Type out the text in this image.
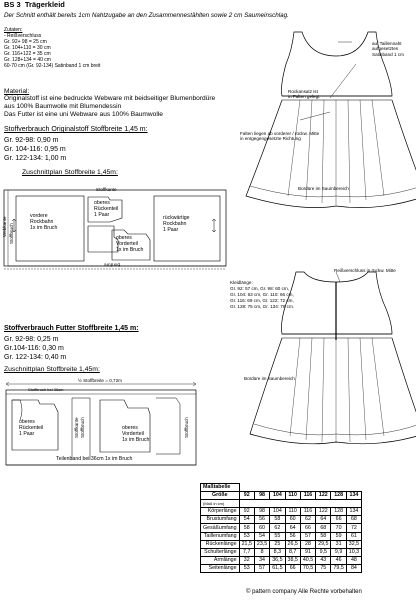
BS 3 Trägerkleid
Der Schnitt enthält bereits 1cm Nahtzugabe an den Zusammennestählten sowie 2 cm Saumeinschlag.
Zutaten:
- Reißverschluss
Gr. 92+ 98 = 25 cm
Gr. 104+110 = 30 cm
Gr. 116+122 = 35 cm
Gr. 128+134 = 40 cm
60-70 cm (Gr. 92-134) Satinband 1 cm breit
Material:
Originalstoff ist eine bedruckte Webware mit beidseitiger Blumenbordüre
aus 100% Baumwolle mit Blumendessin
Das Futter ist eine uni Webware aus 100% Baumwolle
Stoffverbrauch Originalstoff Stoffbreite 1,45 m:
Gr. 92-98: 0,90 m
Gr. 104-116: 0,95 m
Gr. 122-134: 1,00 m
Zuschnittplan Stoffbreite 1,45m:
Stoffkante
Webkante Stoffbruch
vordere
Rockbahn
1x im Bruch
oberes
Rückenteil
1 Paar
oberes
Vorderteil
1x im Bruch
rückwärtige
Rockbahn
1 Paar
Bordüre
Stoffverbrauch Futter Stoffbreite 1,45 m:
Gr. 92-98: 0,25 m
Gr.104-116: 0,30 m
Gr. 122-134: 0,40 m
Zuschnittplan Stoffbreite 1,45m:
½ Stoffbreite = 0,72m
Stoffbruch bei 36cm
oberes
Rückenteil
1 Paar	Stoffkante Stoffbruch	oberes
Vorderteil
1x im Bruch
Stoffbruch
Teilenband bei 36cm 1x im Bruch
auf Taillennaht
aufgesetztes
Satinband 1 cm
Rockansatz ist
in Falten gelegt
Falten liegen ab vorderer / rückw. Mitte
in entgegengesetzte Richtung
Bordüre im Saumbereich
Reißverschluss in rückw. Mitte
Kleidlänge:
Gr. 92: 57 cm, Gr. 98: 60 cm,
Gr. 104: 63 cm, Gr. 110: 66 cm,
Gr. 116: 69 cm, Gr. 122: 72 cm,
Gr. 128: 75 cm, Gr. 134: 78 cm.
Bordüre im Saumbereich
Maßtabelle								
Größe	92	98	104	110	116	122	128	134
(Maß in cm)								
Körperlänge	92	98	104	110	116	122	128	134
Brustumfang	54	56	58	60	62	64	66	68
Gesäßumfang	58	60	62	64	66	68	70	72
Taillenumfang	53	54	55	56	57	58	59	61
Rückenlänge	21,5	23,5	25	26,5	28	29,5	31	32,5
Schulterlänge	7,7	8	8,3	8,7	91	9,5	9,9	10,3
Armlänge	32	34	36,5	38,5	40,5	43	46	48
Seitenlänge	53	57	61,5	66	70,5	75	79,5	84
© pattern company Alle Rechte vorbehalten
